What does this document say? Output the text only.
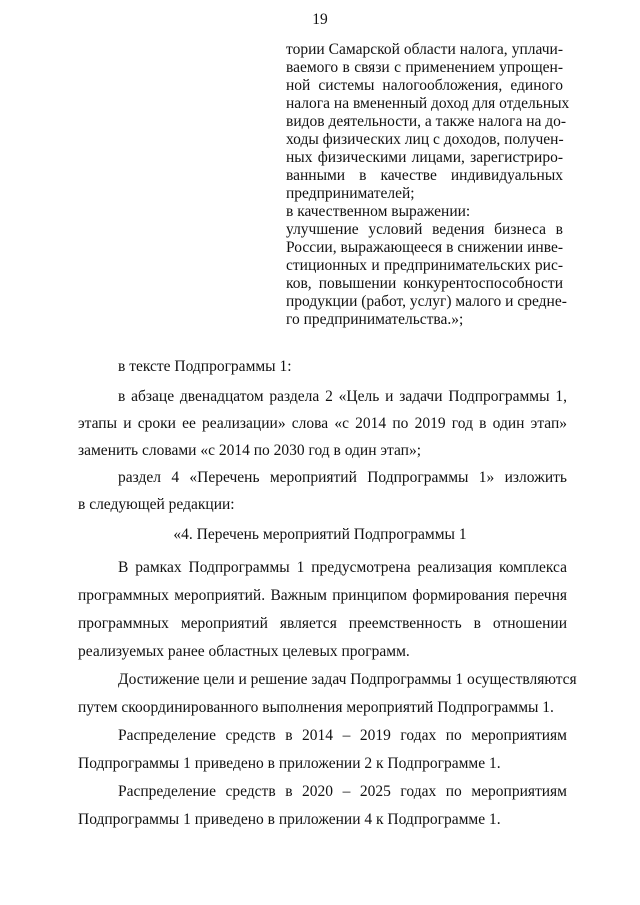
19
тории Самарской области налога, уплачи-
ваемого в связи с применением упрощен-
ной системы налогообложения, единого
налога на вмененный доход для отдельных
видов деятельности, а также налога на до-
ходы физических лиц с доходов, получен-
ных физическими лицами, зарегистриро-
ванными в качестве индивидуальных
предпринимателей;
в качественном выражении:
улучшение условий ведения бизнеса в
России, выражающееся в снижении инве-
стиционных и предпринимательских рис-
ков, повышении конкурентоспособности
продукции (работ, услуг) малого и средне-
го предпринимательства.»;
в тексте Подпрограммы 1:
в абзаце двенадцатом раздела 2 «Цель и задачи Подпрограммы 1,
этапы и сроки ее реализации» слова «с 2014 по 2019 год в один этап»
заменить словами «с 2014 по 2030 год в один этап»;
раздел 4 «Перечень мероприятий Подпрограммы 1» изложить
в следующей редакции:
«4. Перечень мероприятий Подпрограммы 1
В рамках Подпрограммы 1 предусмотрена реализация комплекса
программных мероприятий. Важным принципом формирования перечня
программных мероприятий является преемственность в отношении
реализуемых ранее областных целевых программ.
Достижение цели и решение задач Подпрограммы 1 осуществляются
путем скоординированного выполнения мероприятий Подпрограммы 1.
Распределение средств в 2014 – 2019 годах по мероприятиям
Подпрограммы 1 приведено в приложении 2 к Подпрограмме 1.
Распределение средств в 2020 – 2025 годах по мероприятиям
Подпрограммы 1 приведено в приложении 4 к Подпрограмме 1.
